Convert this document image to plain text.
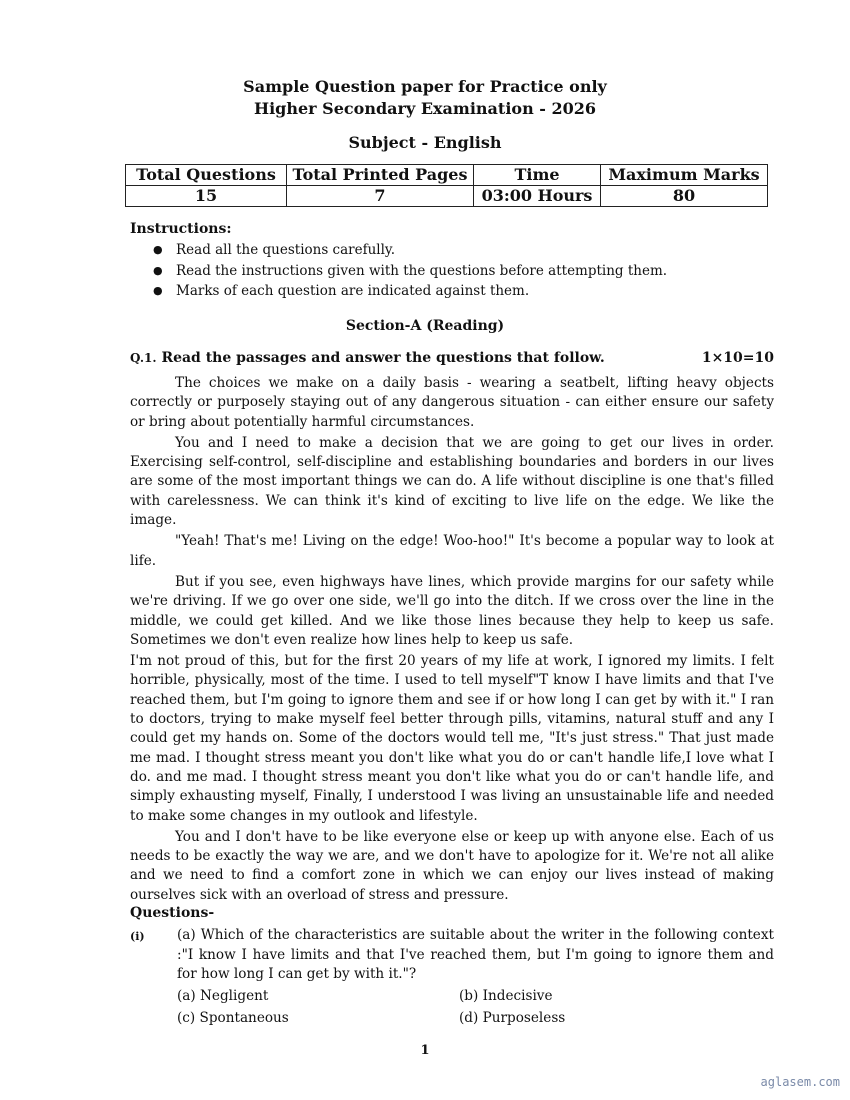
Sample Question paper for Practice only
Higher Secondary Examination - 2026
Subject - English
Total Questions	Total Printed Pages	Time	Maximum Marks
15	7	03:00 Hours	80
Instructions:
● Read all the questions carefully.
● Read the instructions given with the questions before attempting them.
● Marks of each question are indicated against them.
Section-A (Reading)
Q.1. Read the passages and answer the questions that follow.	1×10=10

The choices we make on a daily basis - wearing a seatbelt, lifting heavy objects correctly or purposely staying out of any dangerous situation - can either ensure our safety or bring about potentially harmful circumstances.

You and I need to make a decision that we are going to get our lives in order. Exercising self-control, self-discipline and establishing boundaries and borders in our lives are some of the most important things we can do. A life without discipline is one that's filled with carelessness. We can think it's kind of exciting to live life on the edge. We like the image.

"Yeah! That's me! Living on the edge! Woo-hoo!" It's become a popular way to look at life.

But if you see, even highways have lines, which provide margins for our safety while we're driving. If we go over one side, we'll go into the ditch. If we cross over the line in the middle, we could get killed. And we like those lines because they help to keep us safe. Sometimes we don't even realize how lines help to keep us safe.

I'm not proud of this, but for the first 20 years of my life at work, I ignored my limits. I felt horrible, physically, most of the time. I used to tell myself"T know I have limits and that I've reached them, but I'm going to ignore them and see if or how long I can get by with it." I ran to doctors, trying to make myself feel better through pills, vitamins, natural stuff and any I could get my hands on. Some of the doctors would tell me, "It's just stress." That just made me mad. I thought stress meant you don't like what you do or can't handle life,I love what I do. and me mad. I thought stress meant you don't like what you do or can't handle life, and simply exhausting myself, Finally, I understood I was living an unsustainable life and needed to make some changes in my outlook and lifestyle.

You and I don't have to be like everyone else or keep up with anyone else. Each of us needs to be exactly the way we are, and we don't have to apologize for it. We're not all alike and we need to find a comfort zone in which we can enjoy our lives instead of making ourselves sick with an overload of stress and pressure.

Questions-
(i) (a) Which of the characteristics are suitable about the writer in the following context :"I know I have limits and that I've reached them, but I'm going to ignore them and for how long I can get by with it."?
(a) Negligent	(b) Indecisive
(c) Spontaneous	(d) Purposeless
1
aglasem.com
